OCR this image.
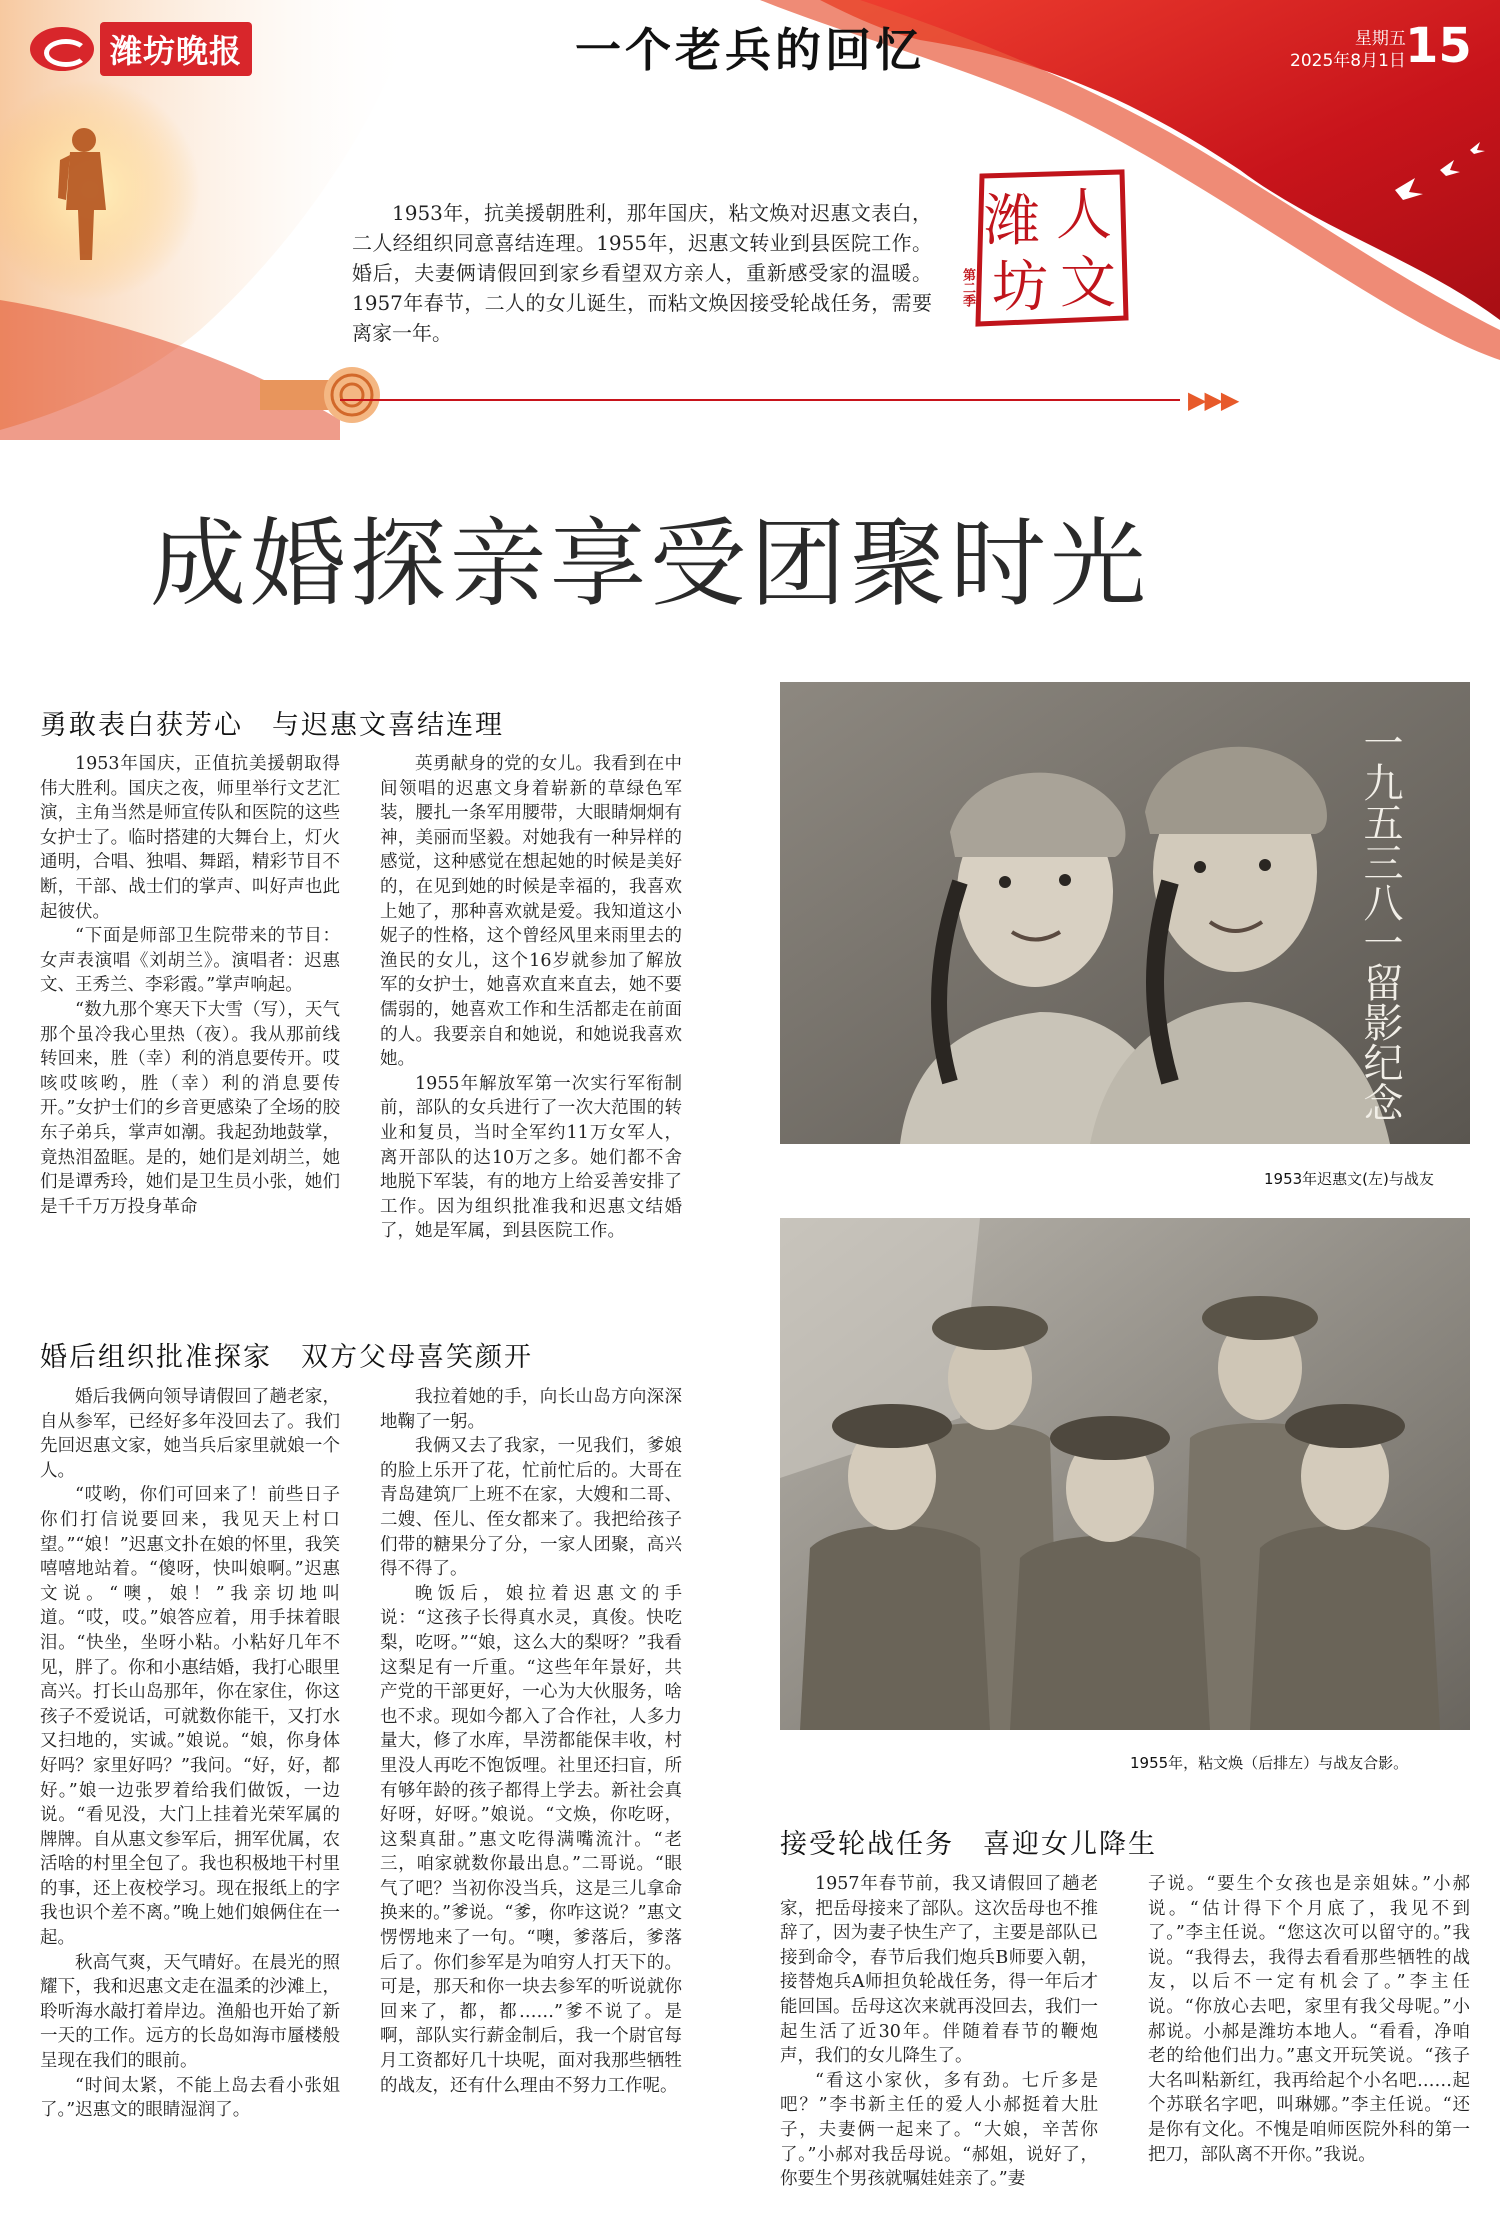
潍坊晚报	一个老兵的回忆	星期五
2025年8月1日 15
1953年，抗美援朝胜利，那年国庆，粘文焕对迟惠文表白，二人经组织同意喜结连理。1955年，迟惠文转业到县医院工作。婚后，夫妻俩请假回到家乡看望双方亲人，重新感受家的温暖。1957年春节，二人的女儿诞生，而粘文焕因接受轮战任务，需要离家一年。
潍 人
坊 文
第二季
▶▶▶
成婚探亲享受团聚时光
勇敢表白获芳心　与迟惠文喜结连理

1953年国庆，正值抗美援朝取得伟大胜利。国庆之夜，师里举行文艺汇演，主角当然是师宣传队和医院的这些女护士了。临时搭建的大舞台上，灯火通明，合唱、独唱、舞蹈，精彩节目不断，干部、战士们的掌声、叫好声也此起彼伏。

“下面是师部卫生院带来的节目：女声表演唱《刘胡兰》。演唱者：迟惠文、王秀兰、李彩霞。”掌声响起。

“数九那个寒天下大雪（写），天气那个虽冷我心里热（夜）。我从那前线转回来，胜（幸）利的消息要传开。哎咳哎咳哟，胜（幸）利的消息要传开。”女护士们的乡音更感染了全场的胶东子弟兵，掌声如潮。我起劲地鼓掌，竟热泪盈眶。是的，她们是刘胡兰，她们是谭秀玲，她们是卫生员小张，她们是千千万万投身革命

英勇献身的党的女儿。我看到在中间领唱的迟惠文身着崭新的草绿色军装，腰扎一条军用腰带，大眼睛炯炯有神，美丽而坚毅。对她我有一种异样的感觉，这种感觉在想起她的时候是美好的，在见到她的时候是幸福的，我喜欢上她了，那种喜欢就是爱。我知道这小妮子的性格，这个曾经风里来雨里去的渔民的女儿，这个16岁就参加了解放军的女护士，她喜欢直来直去，她不要儒弱的，她喜欢工作和生活都走在前面的人。我要亲自和她说，和她说我喜欢她。

1955年解放军第一次实行军衔制前，部队的女兵进行了一次大范围的转业和复员，当时全军约11万女军人，离开部队的达10万之多。她们都不舍地脱下军装，有的地方上给妥善安排了工作。因为组织批准我和迟惠文结婚了，她是军属，到县医院工作。

婚后组织批准探家　双方父母喜笑颜开

婚后我俩向领导请假回了趟老家，自从参军，已经好多年没回去了。我们先回迟惠文家，她当兵后家里就娘一个人。

“哎哟，你们可回来了！前些日子你们打信说要回来，我见天上村口望。”“娘！”迟惠文扑在娘的怀里，我笑嘻嘻地站着。“傻呀，快叫娘啊。”迟惠文说。“噢，娘！”我亲切地叫道。“哎，哎。”娘答应着，用手抹着眼泪。“快坐，坐呀小粘。小粘好几年不见，胖了。你和小惠结婚，我打心眼里高兴。打长山岛那年，你在家住，你这孩子不爱说话，可就数你能干，又打水又扫地的，实诚。”娘说。“娘，你身体好吗？家里好吗？”我问。“好，好，都好。”娘一边张罗着给我们做饭，一边说。“看见没，大门上挂着光荣军属的牌牌。自从惠文参军后，拥军优属，农活啥的村里全包了。我也积极地干村里的事，还上夜校学习。现在报纸上的字我也识个差不离。”晚上她们娘俩住在一起。

秋高气爽，天气晴好。在晨光的照耀下，我和迟惠文走在温柔的沙滩上，聆听海水敲打着岸边。渔船也开始了新一天的工作。远方的长岛如海市蜃楼般呈现在我们的眼前。

“时间太紧，不能上岛去看小张姐了。”迟惠文的眼睛湿润了。

我拉着她的手，向长山岛方向深深地鞠了一躬。

我俩又去了我家，一见我们，爹娘的脸上乐开了花，忙前忙后的。大哥在青岛建筑厂上班不在家，大嫂和二哥、二嫂、侄儿、侄女都来了。我把给孩子们带的糖果分了分，一家人团聚，高兴得不得了。

晚饭后，娘拉着迟惠文的手说：“这孩子长得真水灵，真俊。快吃梨，吃呀。”“娘，这么大的梨呀？”我看这梨足有一斤重。“这些年年景好，共产党的干部更好，一心为大伙服务，啥也不求。现如今都入了合作社，人多力量大，修了水库，旱涝都能保丰收，村里没人再吃不饱饭哩。社里还扫盲，所有够年龄的孩子都得上学去。新社会真好呀，好呀。”娘说。“文焕，你吃呀，这梨真甜。”惠文吃得满嘴流汁。“老三，咱家就数你最出息。”二哥说。“眼气了吧？当初你没当兵，这是三儿拿命换来的。”爹说。“爹，你咋这说？”惠文愣愣地来了一句。“噢，爹落后，爹落后了。你们参军是为咱穷人打天下的。可是，那天和你一块去参军的听说就你回来了，都，都……”爹不说了。是啊，部队实行薪金制后，我一个尉官每月工资都好几十块呢，面对我那些牺牲的战友，还有什么理由不努力工作呢。

一九五三八一留影纪念
1953年迟惠文(左)与战友
1955年，粘文焕（后排左）与战友合影。
接受轮战任务　喜迎女儿降生

1957年春节前，我又请假回了趟老家，把岳母接来了部队。这次岳母也不推辞了，因为妻子快生产了，主要是部队已接到命令，春节后我们炮兵B师要入朝，接替炮兵A师担负轮战任务，得一年后才能回国。岳母这次来就再没回去，我们一起生活了近30年。伴随着春节的鞭炮声，我们的女儿降生了。

“看这小家伙，多有劲。七斤多是吧？”李书新主任的爱人小郝挺着大肚子，夫妻俩一起来了。“大娘，辛苦你了。”小郝对我岳母说。“郝姐，说好了，你要生个男孩就嘱娃娃亲了。”妻

子说。“要生个女孩也是亲姐妹。”小郝说。“估计得下个月底了，我见不到了。”李主任说。“您这次可以留守的。”我说。“我得去，我得去看看那些牺牲的战友，以后不一定有机会了。”李主任说。“你放心去吧，家里有我父母呢。”小郝说。小郝是潍坊本地人。“看看，净咱老的给他们出力。”惠文开玩笑说。“孩子大名叫粘新红，我再给起个小名吧……起个苏联名字吧，叫琳娜。”李主任说。“还是你有文化。不愧是咱师医院外科的第一把刀，部队离不开你。”我说。
